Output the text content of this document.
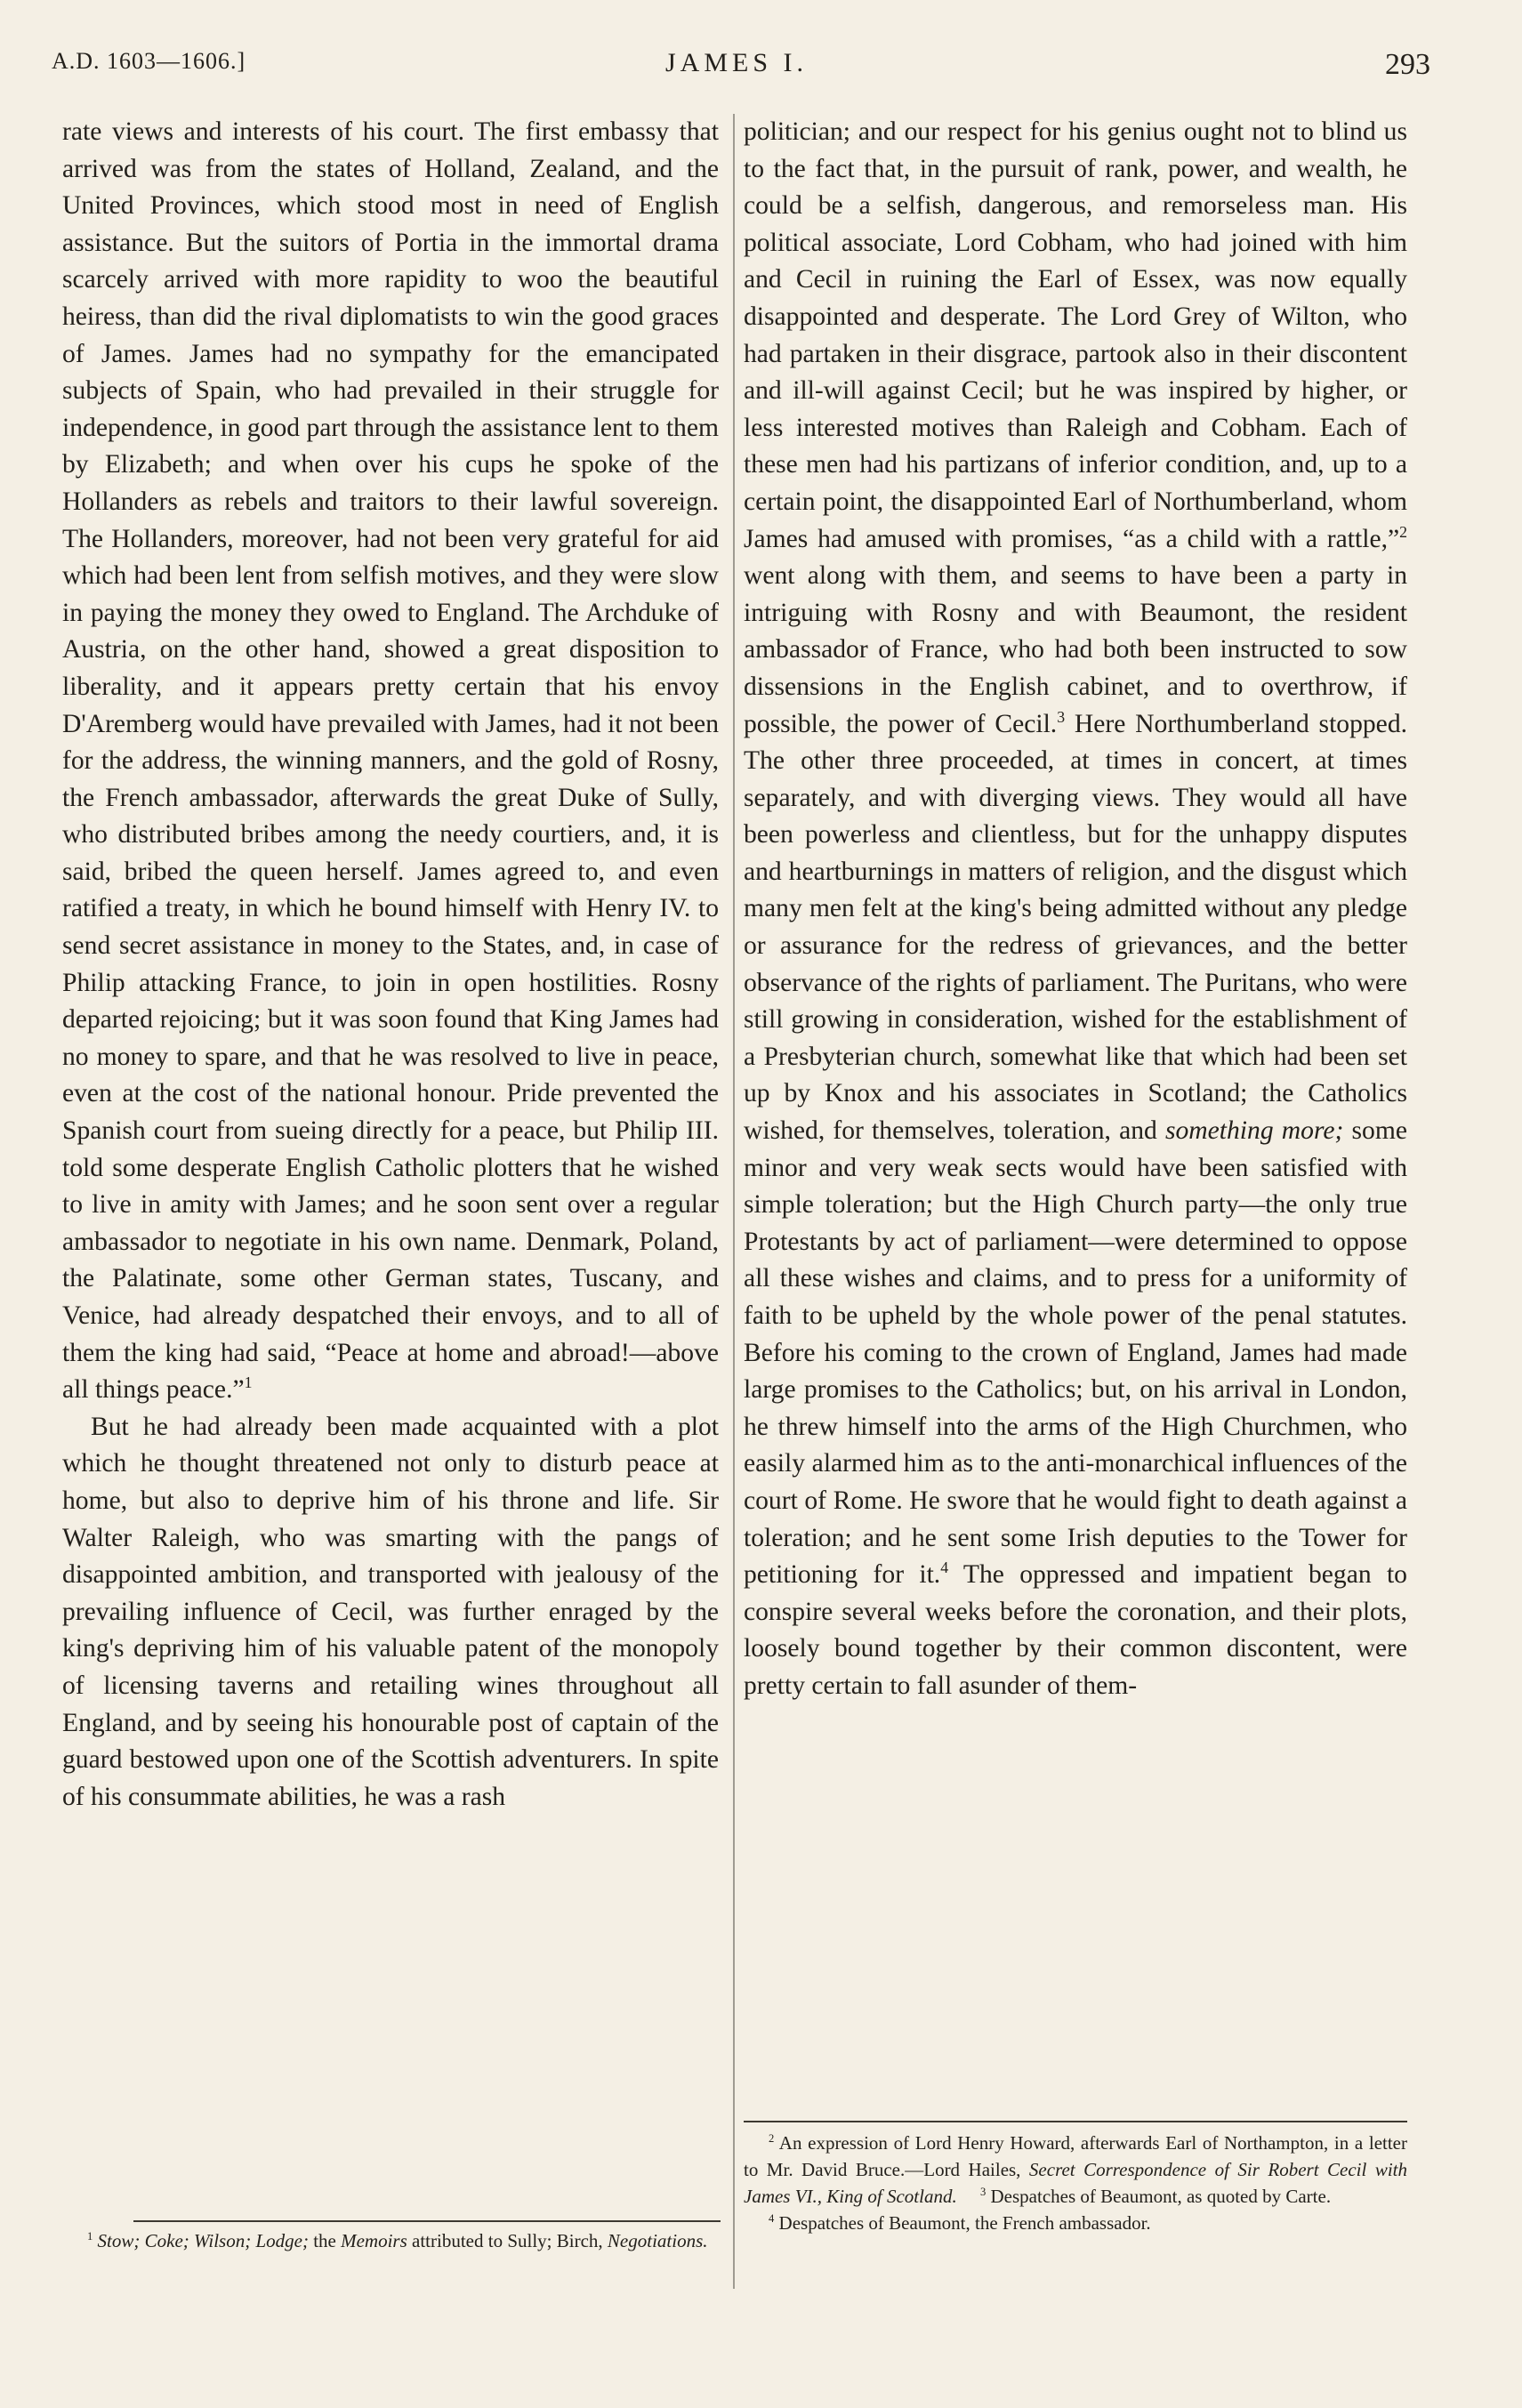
A.D. 1603—1606.]	JAMES I.	293

rate views and interests of his court. The first embassy that arrived was from the states of Holland, Zealand, and the United Provinces, which stood most in need of English assistance. But the suitors of Portia in the immortal drama scarcely arrived with more rapidity to woo the beautiful heiress, than did the rival diplomatists to win the good graces of James. James had no sympathy for the emancipated subjects of Spain, who had prevailed in their struggle for independence, in good part through the assistance lent to them by Elizabeth; and when over his cups he spoke of the Hollanders as rebels and traitors to their lawful sovereign. The Hollanders, moreover, had not been very grateful for aid which had been lent from selfish motives, and they were slow in paying the money they owed to England. The Archduke of Austria, on the other hand, showed a great disposition to liberality, and it appears pretty certain that his envoy D'Aremberg would have prevailed with James, had it not been for the address, the winning manners, and the gold of Rosny, the French ambassador, afterwards the great Duke of Sully, who distributed bribes among the needy courtiers, and, it is said, bribed the queen herself. James agreed to, and even ratified a treaty, in which he bound himself with Henry IV. to send secret assistance in money to the States, and, in case of Philip attacking France, to join in open hostilities. Rosny departed rejoicing; but it was soon found that King James had no money to spare, and that he was resolved to live in peace, even at the cost of the national honour. Pride prevented the Spanish court from sueing directly for a peace, but Philip III. told some desperate English Catholic plotters that he wished to live in amity with James; and he soon sent over a regular ambassador to negotiate in his own name. Denmark, Poland, the Palatinate, some other German states, Tuscany, and Venice, had already despatched their envoys, and to all of them the king had said, “Peace at home and abroad!—above all things peace.”$^1$

But he had already been made acquainted with a plot which he thought threatened not only to disturb peace at home, but also to deprive him of his throne and life. Sir Walter Raleigh, who was smarting with the pangs of disappointed ambition, and transported with jealousy of the prevailing influence of Cecil, was further enraged by the king's depriving him of his valuable patent of the monopoly of licensing taverns and retailing wines throughout all England, and by seeing his honourable post of captain of the guard bestowed upon one of the Scottish adventurers. In spite of his consummate abilities, he was a rash

politician; and our respect for his genius ought not to blind us to the fact that, in the pursuit of rank, power, and wealth, he could be a selfish, dangerous, and remorseless man. His political associate, Lord Cobham, who had joined with him and Cecil in ruining the Earl of Essex, was now equally disappointed and desperate. The Lord Grey of Wilton, who had partaken in their disgrace, partook also in their discontent and ill-will against Cecil; but he was inspired by higher, or less interested motives than Raleigh and Cobham. Each of these men had his partizans of inferior condition, and, up to a certain point, the disappointed Earl of Northumberland, whom James had amused with promises, “as a child with a rattle,”$^2$ went along with them, and seems to have been a party in intriguing with Rosny and with Beaumont, the resident ambassador of France, who had both been instructed to sow dissensions in the English cabinet, and to overthrow, if possible, the power of Cecil.$^3$ Here Northumberland stopped. The other three proceeded, at times in concert, at times separately, and with diverging views. They would all have been powerless and clientless, but for the unhappy disputes and heartburnings in matters of religion, and the disgust which many men felt at the king's being admitted without any pledge or assurance for the redress of grievances, and the better observance of the rights of parliament. The Puritans, who were still growing in consideration, wished for the establishment of a Presbyterian church, somewhat like that which had been set up by Knox and his associates in Scotland; the Catholics wished, for themselves, toleration, and something more; some minor and very weak sects would have been satisfied with simple toleration; but the High Church party—the only true Protestants by act of parliament—were determined to oppose all these wishes and claims, and to press for a uniformity of faith to be upheld by the whole power of the penal statutes. Before his coming to the crown of England, James had made large promises to the Catholics; but, on his arrival in London, he threw himself into the arms of the High Churchmen, who easily alarmed him as to the anti-monarchical influences of the court of Rome. He swore that he would fight to death against a toleration; and he sent some Irish deputies to the Tower for petitioning for it.$^4$ The oppressed and impatient began to conspire several weeks before the coronation, and their plots, loosely bound together by their common discontent, were pretty certain to fall asunder of them-

$^1$ Stow; Coke; Wilson; Lodge; the Memoirs attributed to Sully; Birch, Negotiations.

$^2$ An expression of Lord Henry Howard, afterwards Earl of Northampton, in a letter to Mr. David Bruce.—Lord Hailes, Secret Correspondence of Sir Robert Cecil with James VI., King of Scotland. $^3$ Despatches of Beaumont, as quoted by Carte.

$^4$ Despatches of Beaumont, the French ambassador.
